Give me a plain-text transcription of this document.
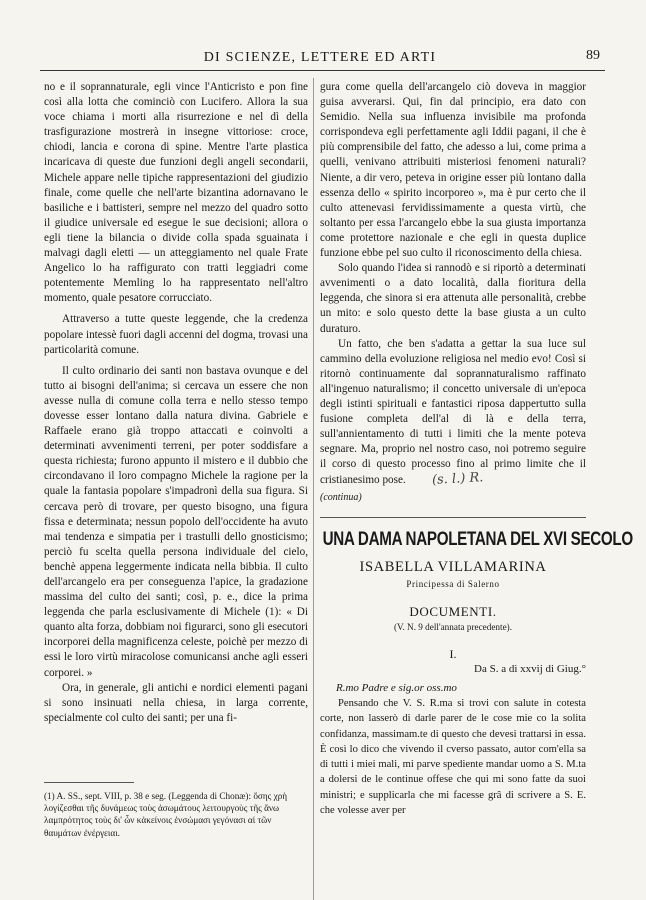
DI SCIENZE, LETTERE ED ARTI	89

no e il soprannaturale, egli vince l'Anticristo e pon fine così alla lotta che cominciò con Lucifero. Allora la sua voce chiama i morti alla risurrezione e nel dì della trasfigurazione mostrerà in insegne vittoriose: croce, chiodi, lancia e corona di spine. Mentre l'arte plastica incaricava di queste due funzioni degli angeli secondarii, Michele appare nelle tipiche rappresentazioni del giudizio finale, come quelle che nell'arte bizantina adornavano le basiliche e i battisteri, sempre nel mezzo del quadro sotto il giudice universale ed esegue le sue decisioni; allora o egli tiene la bilancia o divide colla spada sguainata i malvagi dagli eletti — un atteggiamento nel quale Frate Angelico lo ha raffigurato con tratti leggiadri come potentemente Memling lo ha rappresentato nell'altro momento, quale pesatore corrucciato.

Attraverso a tutte queste leggende, che la credenza popolare intessè fuori dagli accenni del dogma, trovasi una particolarità comune.

Il culto ordinario dei santi non bastava ovunque e del tutto ai bisogni dell'anima; si cercava un essere che non avesse nulla di comune colla terra e nello stesso tempo dovesse esser lontano dalla natura divina. Gabriele e Raffaele erano già troppo attaccati e coinvolti a determinati avvenimenti terreni, per poter soddisfare a questa richiesta; furono appunto il mistero e il dubbio che circondavano il loro compagno Michele la ragione per la quale la fantasia popolare s'impadronì della sua figura. Si cercava però di trovare, per questo bisogno, una figura fissa e determinata; nessun popolo dell'occidente ha avuto mai tendenza e simpatia per i trastulli dello gnosticismo; perciò fu scelta quella persona individuale del cielo, benchè appena leggermente indicata nella bibbia. Il culto dell'arcangelo era per conseguenza l'apice, la gradazione massima del culto dei santi; così, p. e., dice la prima leggenda che parla esclusivamente di Michele (1): « Di quanto alta forza, dobbiam noi figurarci, sono gli esecutori incorporei della magnificenza celeste, poichè per mezzo di essi le loro virtù miracolose comunicansi anche agli esseri corporei. »

Ora, in generale, gli antichi e nordici elementi pagani si sono insinuati nella chiesa, in larga corrente, specialmente col culto dei santi; per una fi-

(1) A. SS., sept. VIII, p. 38 e seg. (Leggenda di Chonæ): ὅσης χρὴ λογίζεσθαι τῆς δυνάμεως τοὺς ἀσωμάτους λειτουργοὺς τῆς ἄνω λαμπρότητος τοὺς δι' ὧν κἀκείνοις ἐνσώμασι γεγόνασι αἱ τῶν θαυμάτων ἐνέργειαι.

gura come quella dell'arcangelo ciò doveva in maggior guisa avverarsi. Qui, fin dal principio, era dato con Semidio. Nella sua influenza invisibile ma profonda corrispondeva egli perfettamente agli Iddii pagani, il che è più comprensibile del fatto, che adesso a lui, come prima a quelli, venivano attribuiti misteriosi fenomeni naturali? Niente, a dir vero, peteva in origine esser più lontano dalla essenza dello « spirito incorporeo », ma è pur certo che il culto attenevasi fervidissimamente a questa virtù, che soltanto per essa l'arcangelo ebbe la sua giusta importanza come protettore nazionale e che egli in questa duplice funzione ebbe pel suo culto il riconoscimento della chiesa.

Solo quando l'idea si rannodò e si riportò a determinati avvenimenti o a dato località, dalla fioritura della leggenda, che sinora si era attenuta alle personalità, crebbe un mito: e solo questo dette la base giusta a un culto duraturo.

Un fatto, che ben s'adatta a gettar la sua luce sul cammino della evoluzione religiosa nel medio evo! Così si ritornò continuamente dal soprannaturalismo raffinato all'ingenuo naturalismo; il concetto universale di un'epoca degli istinti spirituali e fantastici riposa dappertutto sulla fusione completa dell'al di là e della terra, sull'annientamento di tutti i limiti che la mente poteva segnare. Ma, proprio nel nostro caso, noi potremo seguire il corso di questo processo fino al primo limite che il cristianesimo pose. (s. l.) R.

(continua)
UNA DAMA NAPOLETANA DEL XVI SECOLO
ISABELLA VILLAMARINA
Principessa di Salerno
DOCUMENTI.
(V. N. 9 dell'annata precedente).
I.
Da S. a dì xxvij di Giug.°
R.mo Padre e sig.or oss.mo

Pensando che V. S. R.ma si trovi con salute in cotesta corte, non lasserò di darle parer de le cose mie co la solita confidanza, massimam.te di questo che devesi trattarsi in essa. È così lo dico che vivendo il cverso passato, autor com'ella sa di tutti i miei mali, mi parve spediente mandar uomo a S. M.ta a dolersi de le continue offese che qui mi sono fatte da suoi ministri; e supplicarla che mi facesse grâ di scrivere a S. E. che volesse aver per
